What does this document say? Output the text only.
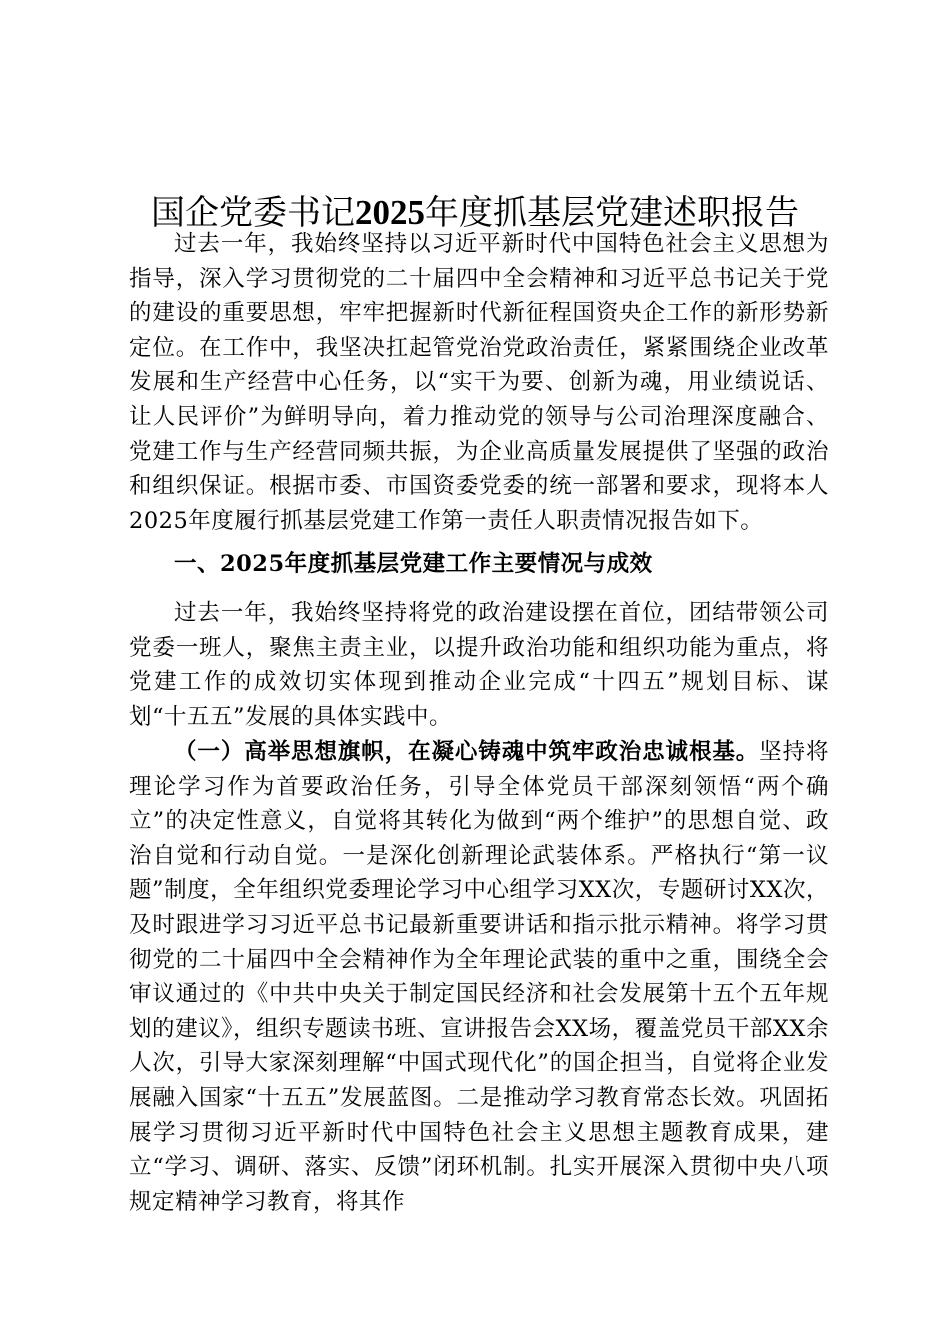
国企党委书记2025年度抓基层党建述职报告

过去一年，我始终坚持以习近平新时代中国特色社会主义思想为指导，深入学习贯彻党的二十届四中全会精神和习近平总书记关于党的建设的重要思想，牢牢把握新时代新征程国资央企工作的新形势新定位。在工作中，我坚决扛起管党治党政治责任，紧紧围绕企业改革发展和生产经营中心任务，以“实干为要、创新为魂，用业绩说话、让人民评价”为鲜明导向，着力推动党的领导与公司治理深度融合、党建工作与生产经营同频共振，为企业高质量发展提供了坚强的政治和组织保证。根据市委、市国资委党委的统一部署和要求，现将本人2025年度履行抓基层党建工作第一责任人职责情况报告如下。

一、2025年度抓基层党建工作主要情况与成效

过去一年，我始终坚持将党的政治建设摆在首位，团结带领公司党委一班人，聚焦主责主业，以提升政治功能和组织功能为重点，将党建工作的成效切实体现到推动企业完成“十四五”规划目标、谋划“十五五”发展的具体实践中。

（一）高举思想旗帜，在凝心铸魂中筑牢政治忠诚根基。坚持将理论学习作为首要政治任务，引导全体党员干部深刻领悟“两个确立”的决定性意义，自觉将其转化为做到“两个维护”的思想自觉、政治自觉和行动自觉。一是深化创新理论武装体系。严格执行“第一议题”制度，全年组织党委理论学习中心组学习XX次，专题研讨XX次，及时跟进学习习近平总书记最新重要讲话和指示批示精神。将学习贯彻党的二十届四中全会精神作为全年理论武装的重中之重，围绕全会审议通过的《中共中央关于制定国民经济和社会发展第十五个五年规划的建议》，组织专题读书班、宣讲报告会XX场，覆盖党员干部XX余人次，引导大家深刻理解“中国式现代化”的国企担当，自觉将企业发展融入国家“十五五”发展蓝图。二是推动学习教育常态长效。巩固拓展学习贯彻习近平新时代中国特色社会主义思想主题教育成果，建立“学习、调研、落实、反馈”闭环机制。扎实开展深入贯彻中央八项规定精神学习教育，将其作
